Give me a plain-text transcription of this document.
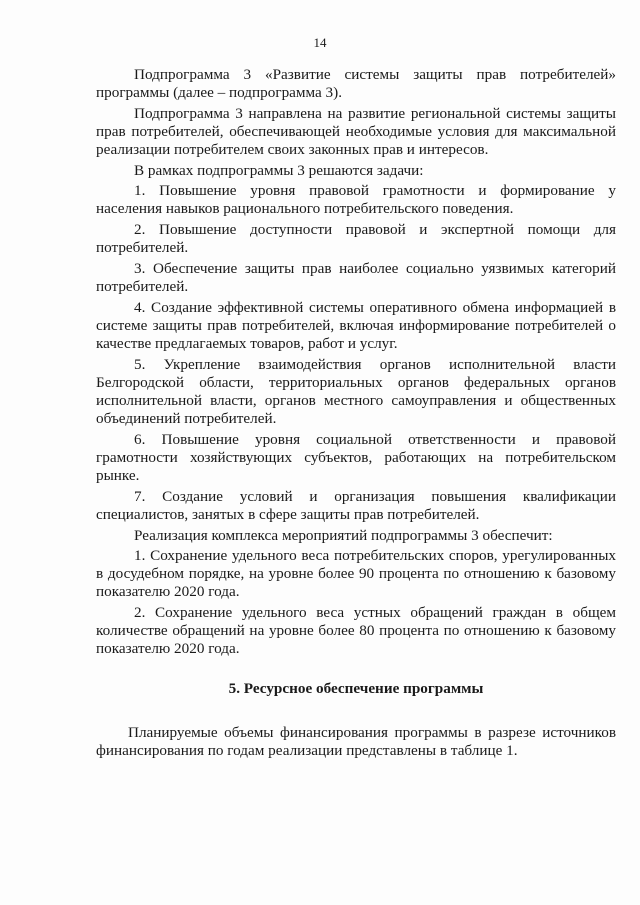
14

Подпрограмма 3 «Развитие системы защиты прав потребителей» программы (далее – подпрограмма 3).

Подпрограмма 3 направлена на развитие региональной системы защиты прав потребителей, обеспечивающей необходимые условия для максимальной реализации потребителем своих законных прав и интересов.

В рамках подпрограммы 3 решаются задачи:

1. Повышение уровня правовой грамотности и формирование у населения навыков рационального потребительского поведения.

2. Повышение доступности правовой и экспертной помощи для потребителей.

3. Обеспечение защиты прав наиболее социально уязвимых категорий потребителей.

4. Создание эффективной системы оперативного обмена информацией в системе защиты прав потребителей, включая информирование потребителей о качестве предлагаемых товаров, работ и услуг.

5. Укрепление взаимодействия органов исполнительной власти Белгородской области, территориальных органов федеральных органов исполнительной власти, органов местного самоуправления и общественных объединений потребителей.

6. Повышение уровня социальной ответственности и правовой грамотности хозяйствующих субъектов, работающих на потребительском рынке.

7. Создание условий и организация повышения квалификации специалистов, занятых в сфере защиты прав потребителей.

Реализация комплекса мероприятий подпрограммы 3 обеспечит:

1. Сохранение удельного веса потребительских споров, урегулированных в досудебном порядке, на уровне более 90 процента по отношению к базовому показателю 2020 года.

2. Сохранение удельного веса устных обращений граждан в общем количестве обращений на уровне более 80 процента по отношению к базовому показателю 2020 года.

5. Ресурсное обеспечение программы

Планируемые объемы финансирования программы в разрезе источников финансирования по годам реализации представлены в таблице 1.
